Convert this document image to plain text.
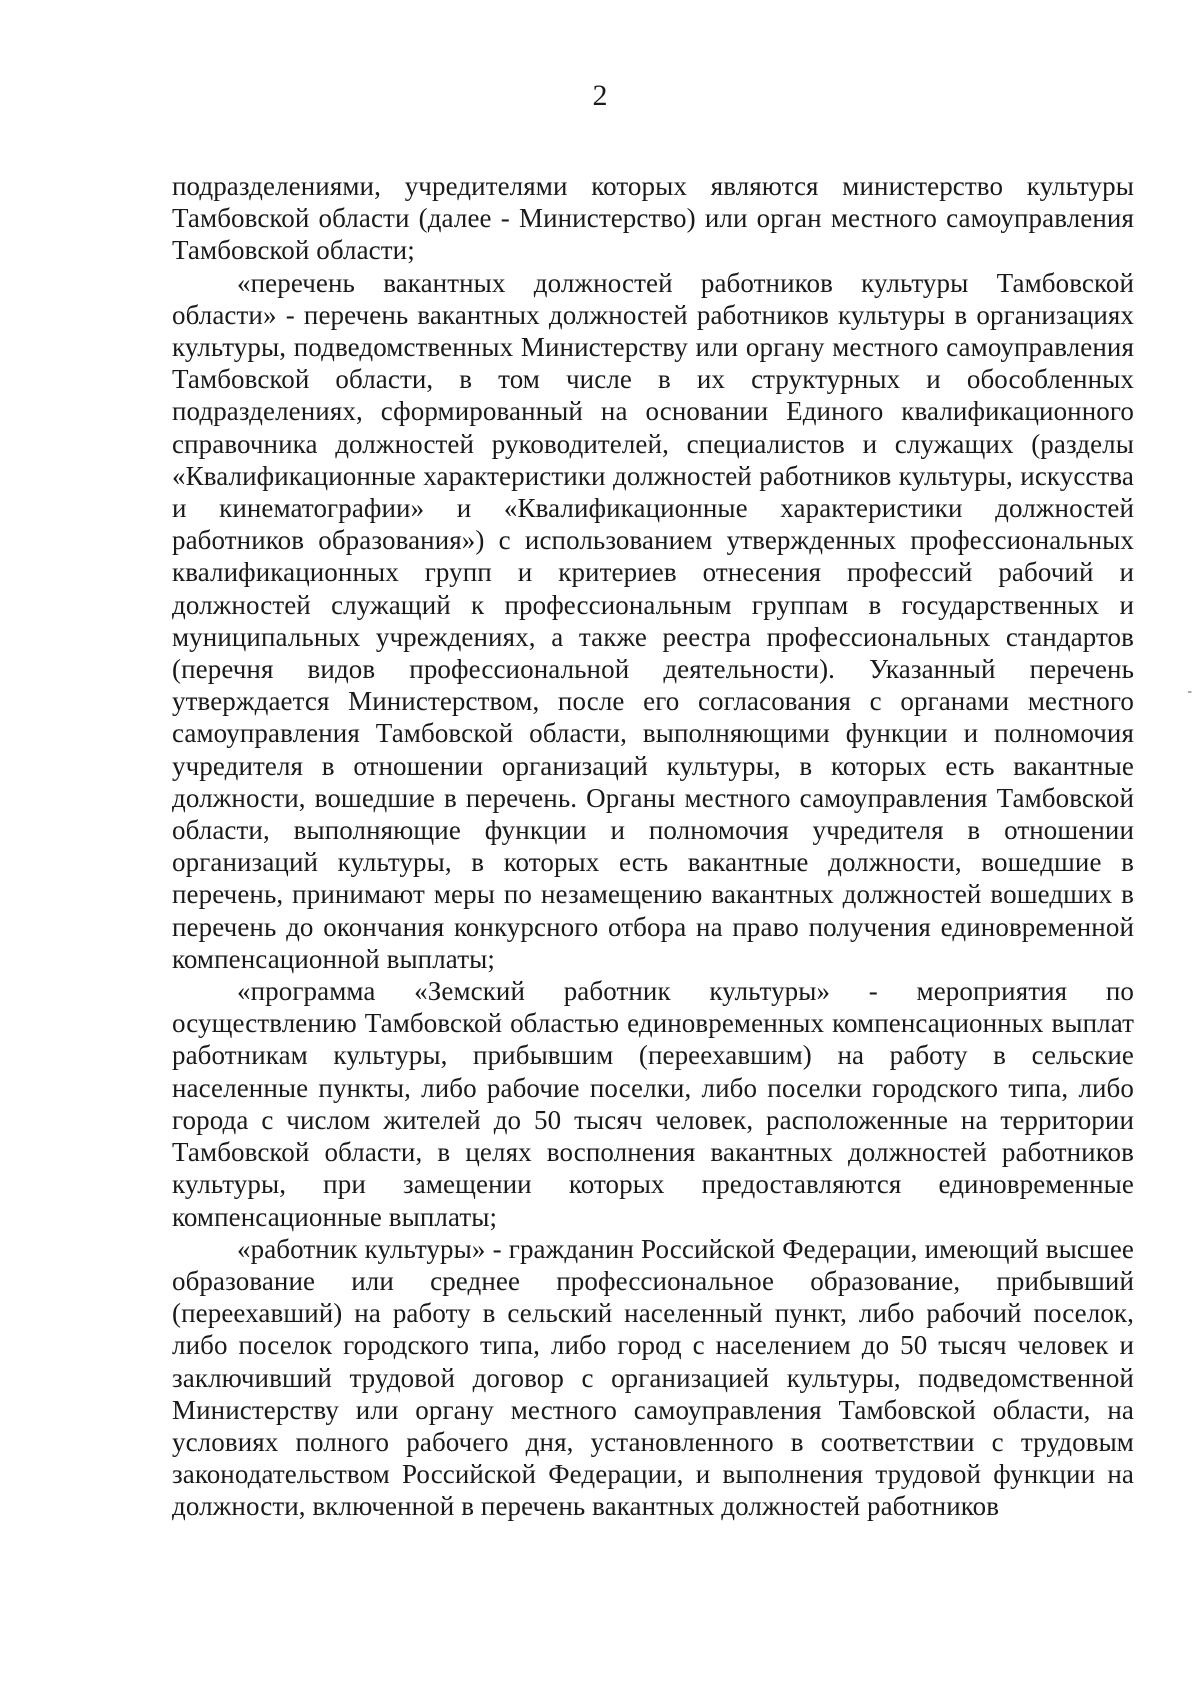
2

подразделениями, учредителями которых являются министерство культуры Тамбовской области (далее - Министерство) или орган местного самоуправления Тамбовской области;

«перечень вакантных должностей работников культуры Тамбовской области» - перечень вакантных должностей работников культуры в организациях культуры, подведомственных Министерству или органу местного самоуправления Тамбовской области, в том числе в их структурных и обособленных подразделениях, сформированный на основании Единого квалификационного справочника должностей руководителей, специалистов и служащих (разделы «Квалификационные характеристики должностей работников культуры, искусства и кинематографии» и «Квалификационные характеристики должностей работников образования») с использованием утвержденных профессиональных квалификационных групп и критериев отнесения профессий рабочий и должностей служащий к профессиональным группам в государственных и муниципальных учреждениях, а также реестра профессиональных стандартов (перечня видов профессиональной деятельности). Указанный перечень утверждается Министерством, после его согласования с органами местного самоуправления Тамбовской области, выполняющими функции и полномочия учредителя в отношении организаций культуры, в которых есть вакантные должности, вошедшие в перечень. Органы местного самоуправления Тамбовской области, выполняющие функции и полномочия учредителя в отношении организаций культуры, в которых есть вакантные должности, вошедшие в перечень, принимают меры по незамещению вакантных должностей вошедших в перечень до окончания конкурсного отбора на право получения единовременной компенсационной выплаты;

«программа «Земский работник культуры» - мероприятия по осуществлению Тамбовской областью единовременных компенсационных выплат работникам культуры, прибывшим (переехавшим) на работу в сельские населенные пункты, либо рабочие поселки, либо поселки городского типа, либо города с числом жителей до 50 тысяч человек, расположенные на территории Тамбовской области, в целях восполнения вакантных должностей работников культуры, при замещении которых предоставляются единовременные компенсационные выплаты;

«работник культуры» - гражданин Российской Федерации, имеющий высшее образование или среднее профессиональное образование, прибывший (переехавший) на работу в сельский населенный пункт, либо рабочий поселок, либо поселок городского типа, либо город с населением до 50 тысяч человек и заключивший трудовой договор с организацией культуры, подведомственной Министерству или органу местного самоуправления Тамбовской области, на условиях полного рабочего дня, установленного в соответствии с трудовым законодательством Российской Федерации, и выполнения трудовой функции на должности, включенной в перечень вакантных должностей работников

-
